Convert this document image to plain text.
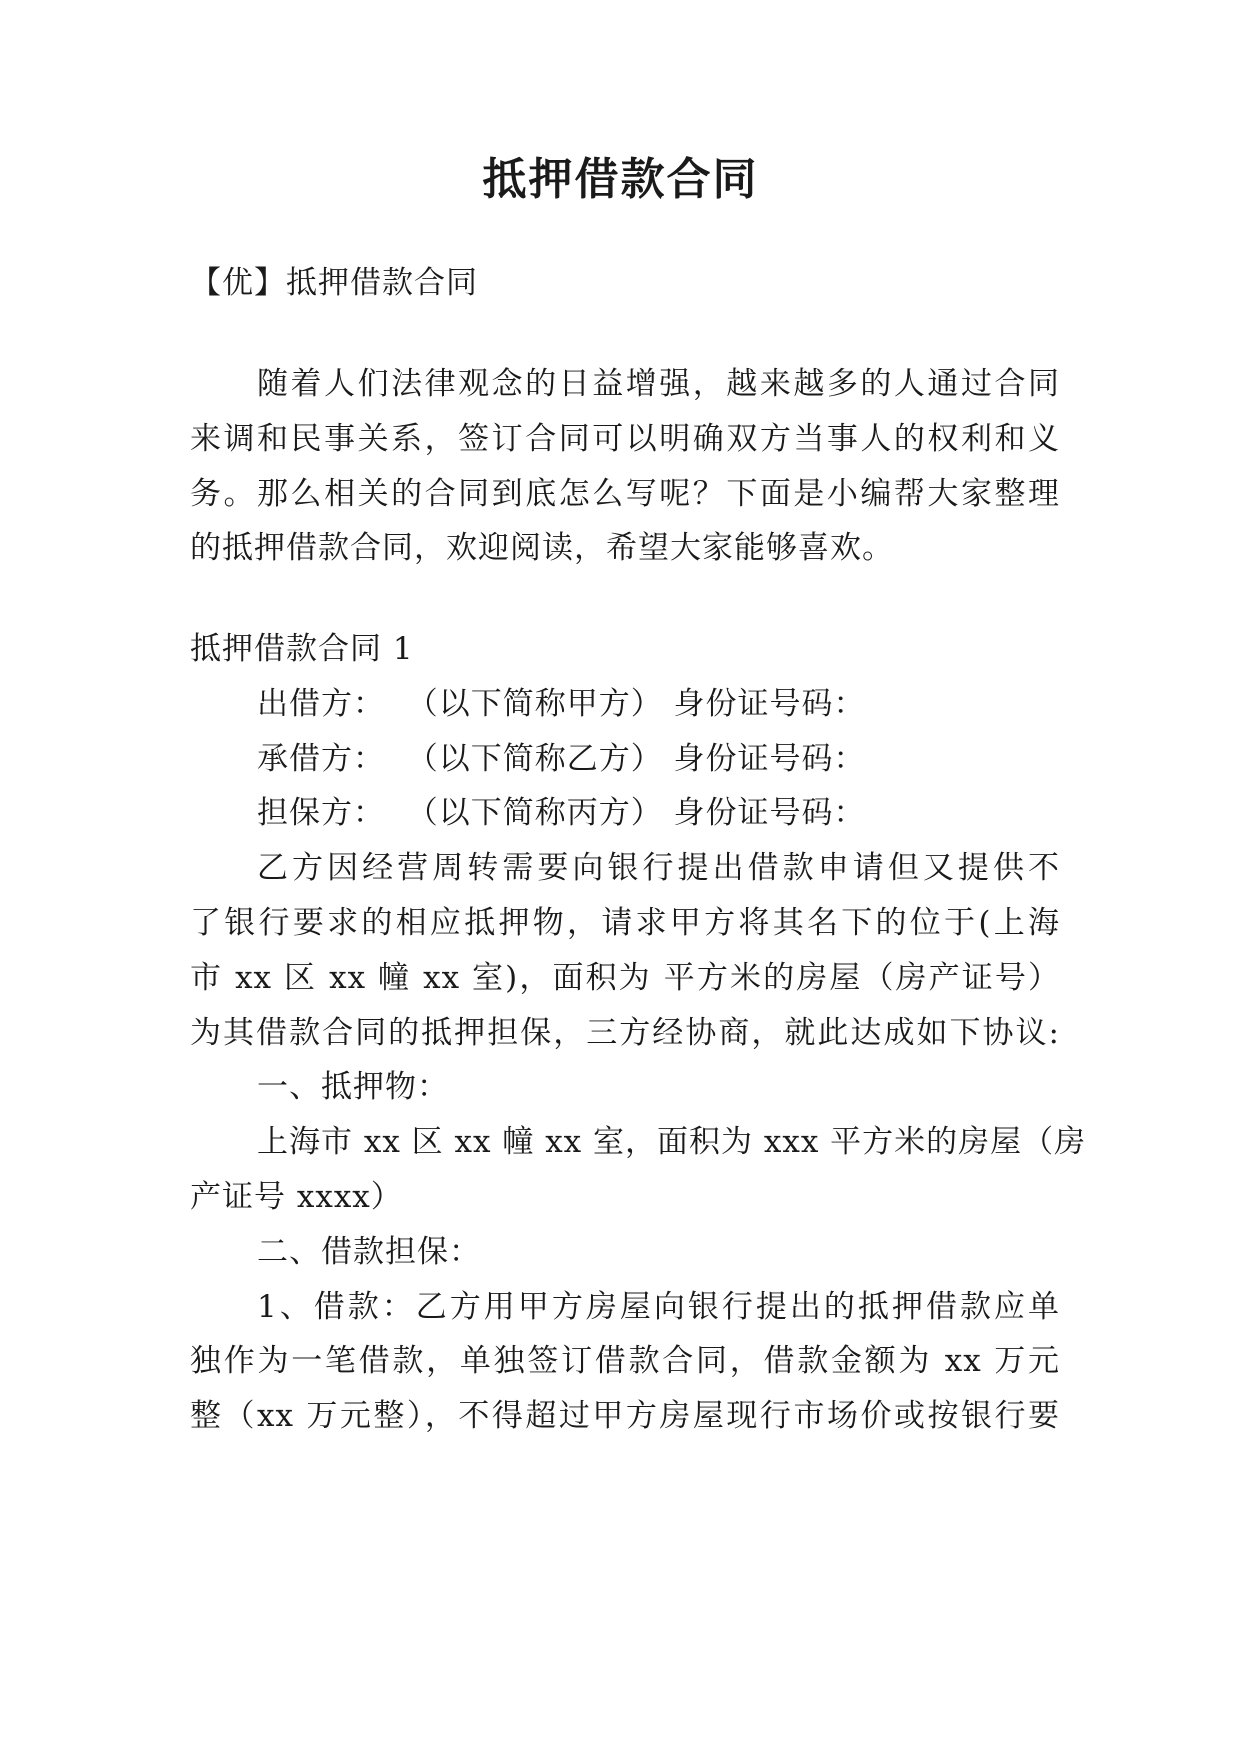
抵押借款合同

【优】抵押借款合同

随着人们法律观念的日益增强，越来越多的人通过合同

来调和民事关系，签订合同可以明确双方当事人的权利和义

务。那么相关的合同到底怎么写呢？下面是小编帮大家整理

的抵押借款合同，欢迎阅读，希望大家能够喜欢。

抵押借款合同 1

出借方：  （以下简称甲方） 身份证号码：

承借方：  （以下简称乙方） 身份证号码：

担保方：  （以下简称丙方） 身份证号码：

乙方因经营周转需要向银行提出借款申请但又提供不

了银行要求的相应抵押物，请求甲方将其名下的位于(上海

市 xx 区 xx 幢 xx 室)，面积为 平方米的房屋（房产证号）

为其借款合同的抵押担保，三方经协商，就此达成如下协议:

一、抵押物：

上海市 xx 区 xx 幢 xx 室，面积为 xxx 平方米的房屋（房

产证号 xxxx）

二、借款担保：

1、借款：乙方用甲方房屋向银行提出的抵押借款应单

独作为一笔借款，单独签订借款合同，借款金额为 xx 万元

整（xx 万元整），不得超过甲方房屋现行市场价或按银行要
